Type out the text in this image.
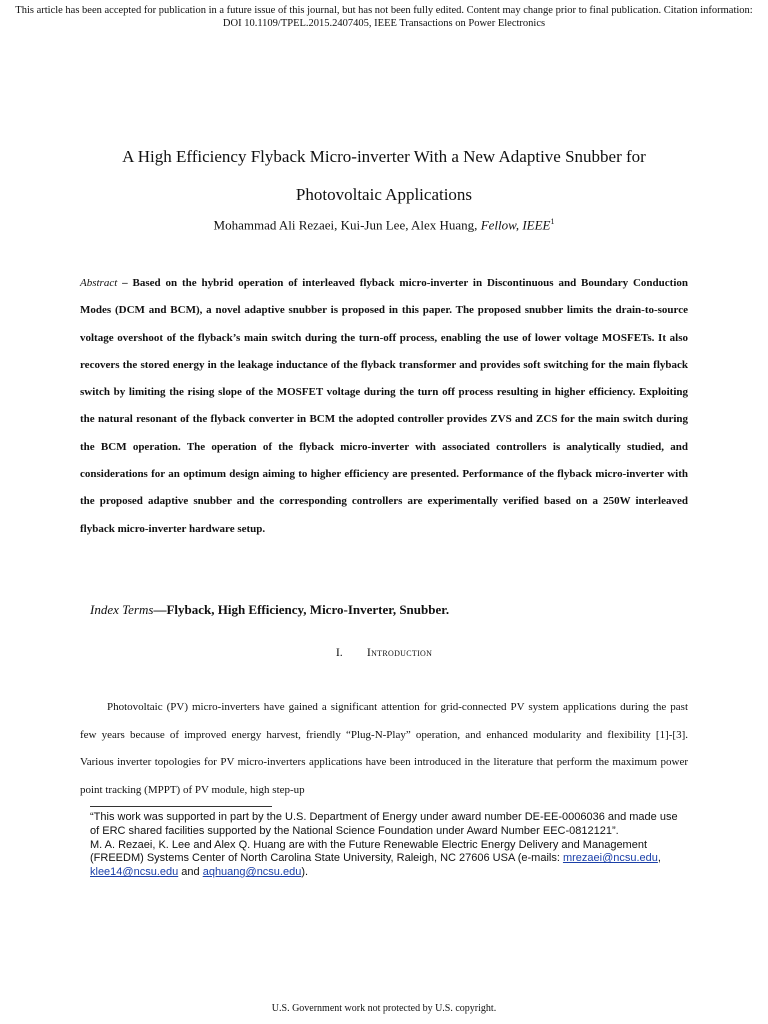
This article has been accepted for publication in a future issue of this journal, but has not been fully edited. Content may change prior to final publication. Citation information: DOI 10.1109/TPEL.2015.2407405, IEEE Transactions on Power Electronics
A High Efficiency Flyback Micro-inverter With a New Adaptive Snubber for
Photovoltaic Applications
Mohammad Ali Rezaei, Kui-Jun Lee, Alex Huang, Fellow, IEEE$^1$
Abstract – Based on the hybrid operation of interleaved flyback micro-inverter in Discontinuous and Boundary Conduction Modes (DCM and BCM), a novel adaptive snubber is proposed in this paper. The proposed snubber limits the drain-to-source voltage overshoot of the flyback’s main switch during the turn-off process, enabling the use of lower voltage MOSFETs. It also recovers the stored energy in the leakage inductance of the flyback transformer and provides soft switching for the main flyback switch by limiting the rising slope of the MOSFET voltage during the turn off process resulting in higher efficiency. Exploiting the natural resonant of the flyback converter in BCM the adopted controller provides ZVS and ZCS for the main switch during the BCM operation. The operation of the flyback micro-inverter with associated controllers is analytically studied, and considerations for an optimum design aiming to higher efficiency are presented. Performance of the flyback micro-inverter with the proposed adaptive snubber and the corresponding controllers are experimentally verified based on a 250W interleaved flyback micro-inverter hardware setup.
Index Terms—Flyback, High Efficiency, Micro-Inverter, Snubber.
I. Introduction
Photovoltaic (PV) micro-inverters have gained a significant attention for grid-connected PV system applications during the past few years because of improved energy harvest, friendly “Plug-N-Play” operation, and enhanced modularity and flexibility [1]-[3]. Various inverter topologies for PV micro-inverters applications have been introduced in the literature that perform the maximum power point tracking (MPPT) of PV module, high step-up

“This work was supported in part by the U.S. Department of Energy under award number DE-EE-0006036 and made use of ERC shared facilities supported by the National Science Foundation under Award Number EEC-0812121”.

M. A. Rezaei, K. Lee and Alex Q. Huang are with the Future Renewable Electric Energy Delivery and Management (FREEDM) Systems Center of North Carolina State University, Raleigh, NC 27606 USA (e-mails: mrezaei@ncsu.edu, klee14@ncsu.edu and aqhuang@ncsu.edu).

U.S. Government work not protected by U.S. copyright.
